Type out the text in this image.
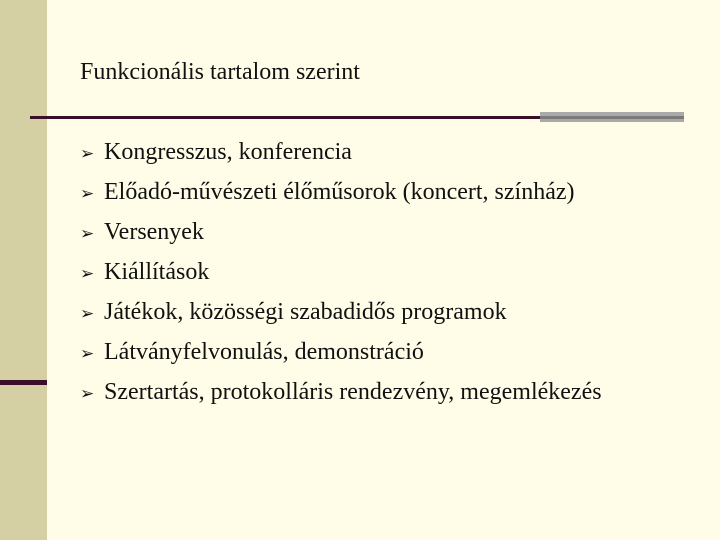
Funkcionális tartalom szerint
➢ Kongresszus, konferencia
➢ Előadó-művészeti élőműsorok (koncert, színház)
➢ Versenyek
➢ Kiállítások
➢ Játékok, közösségi szabadidős programok
➢ Látványfelvonulás, demonstráció
➢ Szertartás, protokolláris rendezvény, megemlékezés
